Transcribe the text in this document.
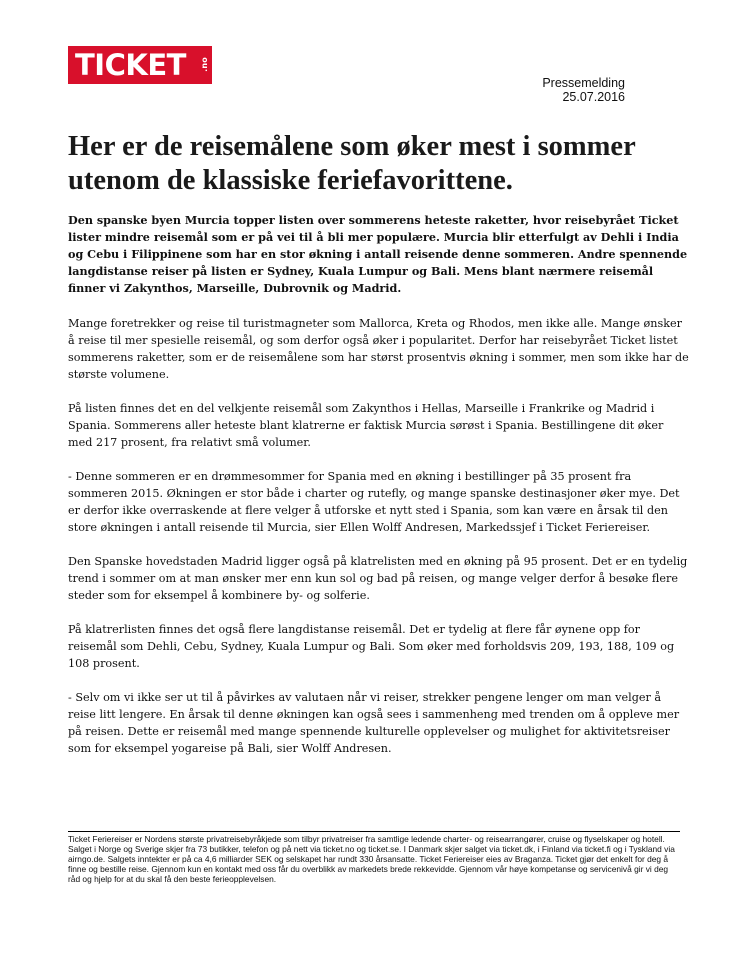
TICKET .no
Pressemelding
25.07.2016
Her er de reisemålene som øker mest i sommer utenom de klassiske feriefavorittene.

Den spanske byen Murcia topper listen over sommerens heteste raketter, hvor reisebyrået Ticket lister mindre reisemål som er på vei til å bli mer populære. Murcia blir etterfulgt av Dehli i India og Cebu i Filippinene som har en stor økning i antall reisende denne sommeren. Andre spennende langdistanse reiser på listen er Sydney, Kuala Lumpur og Bali. Mens blant nærmere reisemål finner vi Zakynthos, Marseille, Dubrovnik og Madrid.

Mange foretrekker og reise til turistmagneter som Mallorca, Kreta og Rhodos, men ikke alle. Mange ønsker å reise til mer spesielle reisemål, og som derfor også øker i popularitet. Derfor har reisebyrået Ticket listet sommerens raketter, som er de reisemålene som har størst prosentvis økning i sommer, men som ikke har de største volumene.

På listen finnes det en del velkjente reisemål som Zakynthos i Hellas, Marseille i Frankrike og Madrid i Spania. Sommerens aller heteste blant klatrerne er faktisk Murcia sørøst i Spania. Bestillingene dit øker med 217 prosent, fra relativt små volumer.

- Denne sommeren er en drømmesommer for Spania med en økning i bestillinger på 35 prosent fra sommeren 2015. Økningen er stor både i charter og rutefly, og mange spanske destinasjoner øker mye. Det er derfor ikke overraskende at flere velger å utforske et nytt sted i Spania, som kan være en årsak til den store økningen i antall reisende til Murcia, sier Ellen Wolff Andresen, Markedssjef i Ticket Feriereiser.

Den Spanske hovedstaden Madrid ligger også på klatrelisten med en økning på 95 prosent. Det er en tydelig trend i sommer om at man ønsker mer enn kun sol og bad på reisen, og mange velger derfor å besøke flere steder som for eksempel å kombinere by- og solferie.

På klatrerlisten finnes det også flere langdistanse reisemål. Det er tydelig at flere får øynene opp for reisemål som Dehli, Cebu, Sydney, Kuala Lumpur og Bali. Som øker med forholdsvis 209, 193, 188, 109 og 108 prosent.

- Selv om vi ikke ser ut til å påvirkes av valutaen når vi reiser, strekker pengene lenger om man velger å reise litt lengere. En årsak til denne økningen kan også sees i sammenheng med trenden om å oppleve mer på reisen. Dette er reisemål med mange spennende kulturelle opplevelser og mulighet for aktivitetsreiser som for eksempel yogareise på Bali, sier Wolff Andresen.

Ticket Feriereiser er Nordens største privatreisebyråkjede som tilbyr privatreiser fra samtlige ledende charter- og reisearrangører, cruise og flyselskaper og hotell. Salget i Norge og Sverige skjer fra 73 butikker, telefon og på nett via ticket.no og ticket.se. I Danmark skjer salget via ticket.dk, i Finland via ticket.fi og i Tyskland via airngo.de. Salgets inntekter er på ca 4,6 milliarder SEK og selskapet har rundt 330 årsansatte. Ticket Feriereiser eies av Braganza. Ticket gjør det enkelt for deg å finne og bestille reise. Gjennom kun en kontakt med oss får du overblikk av markedets brede rekkevidde. Gjennom vår høye kompetanse og servicenivå gir vi deg råd og hjelp for at du skal få den beste ferieopplevelsen.
